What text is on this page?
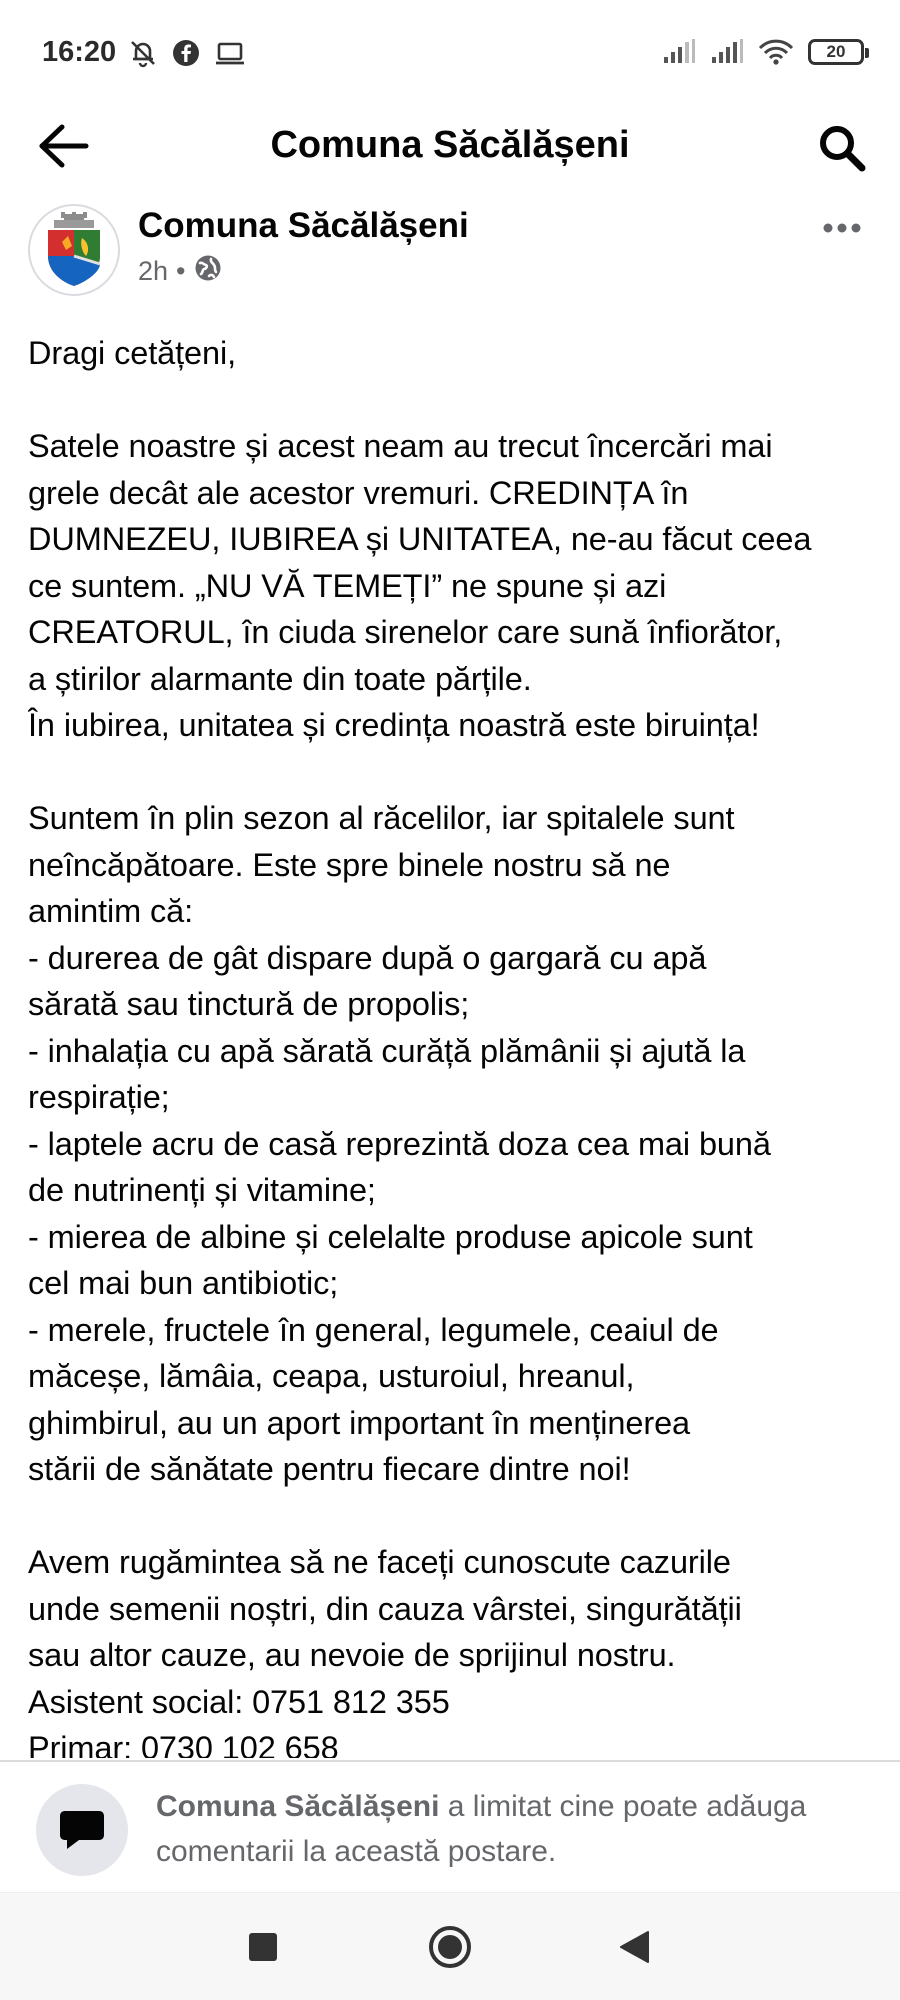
16:20	20
Comuna Săcălășeni
Comuna Săcălășeni
2h •
Dragi cetățeni,
Satele noastre și acest neam au trecut încercări mai
grele decât ale acestor vremuri. CREDINȚA în
DUMNEZEU, IUBIREA și UNITATEA, ne-au făcut ceea
ce suntem. „NU VĂ TEMEȚI” ne spune și azi
CREATORUL, în ciuda sirenelor care sună înfiorător,
a știrilor alarmante din toate părțile.
În iubirea, unitatea și credința noastră este biruința!
Suntem în plin sezon al răcelilor, iar spitalele sunt
neîncăpătoare. Este spre binele nostru să ne
amintim că:
- durerea de gât dispare după o gargară cu apă
sărată sau tinctură de propolis;
- inhalația cu apă sărată curăță plămânii și ajută la
respirație;
- laptele acru de casă reprezintă doza cea mai bună
de nutrinenți și vitamine;
- mierea de albine și celelalte produse apicole sunt
cel mai bun antibiotic;
- merele, fructele în general, legumele, ceaiul de
măceșe, lămâia, ceapa, usturoiul, hreanul,
ghimbirul, au un aport important în menținerea
stării de sănătate pentru fiecare dintre noi!
Avem rugămintea să ne faceți cunoscute cazurile
unde semenii noștri, din cauza vârstei, singurătății
sau altor cauze, au nevoie de sprijinul nostru.
Asistent social: 0751 812 355
Primar: 0730 102 658
Comuna Săcălășeni a limitat cine poate adăuga comentarii la această postare.
